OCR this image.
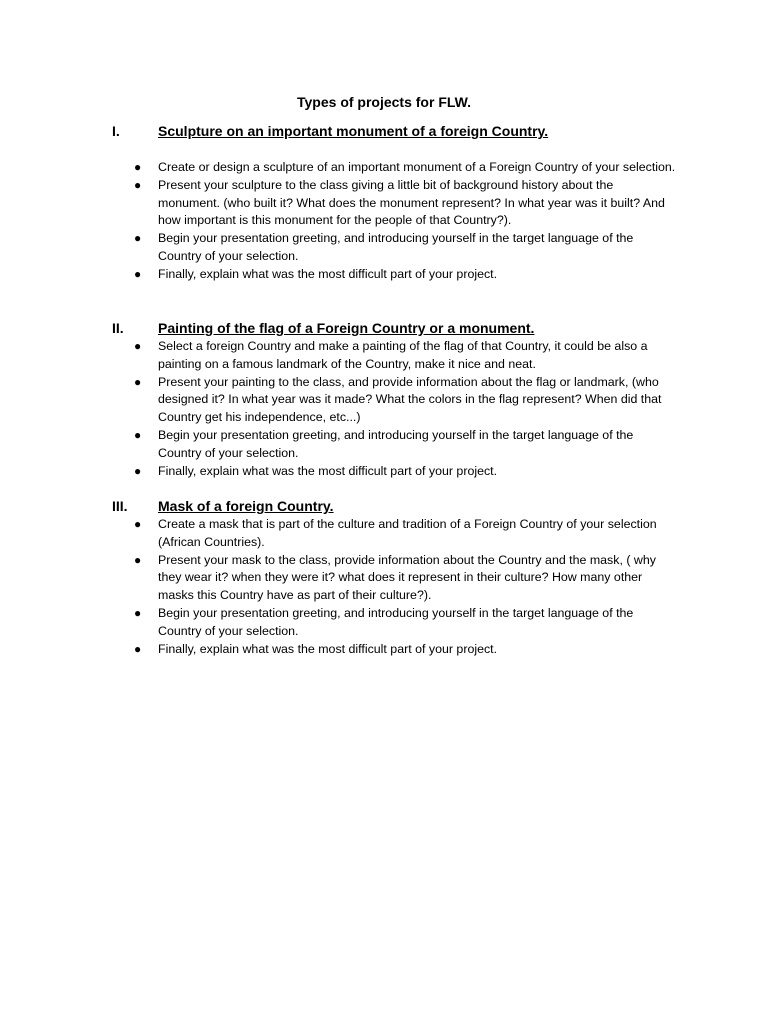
Types of projects for FLW.
I.	Sculpture on an important monument of a foreign Country.
● Create or design a sculpture of an important monument of a Foreign Country of your selection.
● Present your sculpture to the class giving a little bit of background history about the monument. (who built it? What does the monument represent? In what year was it built? And how important is this monument for the people of that Country?).
● Begin your presentation greeting, and introducing yourself in the target language of the Country of your selection.
● Finally, explain what was the most difficult part of your project.
II. Painting of the flag of a Foreign Country or a monument.
● Select a foreign Country and make a painting of the flag of that Country, it could be also a painting on a famous landmark of the Country, make it nice and neat.
● Present your painting to the class, and provide information about the flag or landmark, (who designed it? In what year was it made? What the colors in the flag represent? When did that Country get his independence, etc...)
● Begin your presentation greeting, and introducing yourself in the target language of the Country of your selection.
● Finally, explain what was the most difficult part of your project.
III. Mask of a foreign Country.
● Create a mask that is part of the culture and tradition of a Foreign Country of your selection (African Countries).
● Present your mask to the class, provide information about the Country and the mask, ( why they wear it? when they were it? what does it represent in their culture? How many other masks this Country have as part of their culture?).
● Begin your presentation greeting, and introducing yourself in the target language of the Country of your selection.
● Finally, explain what was the most difficult part of your project.
